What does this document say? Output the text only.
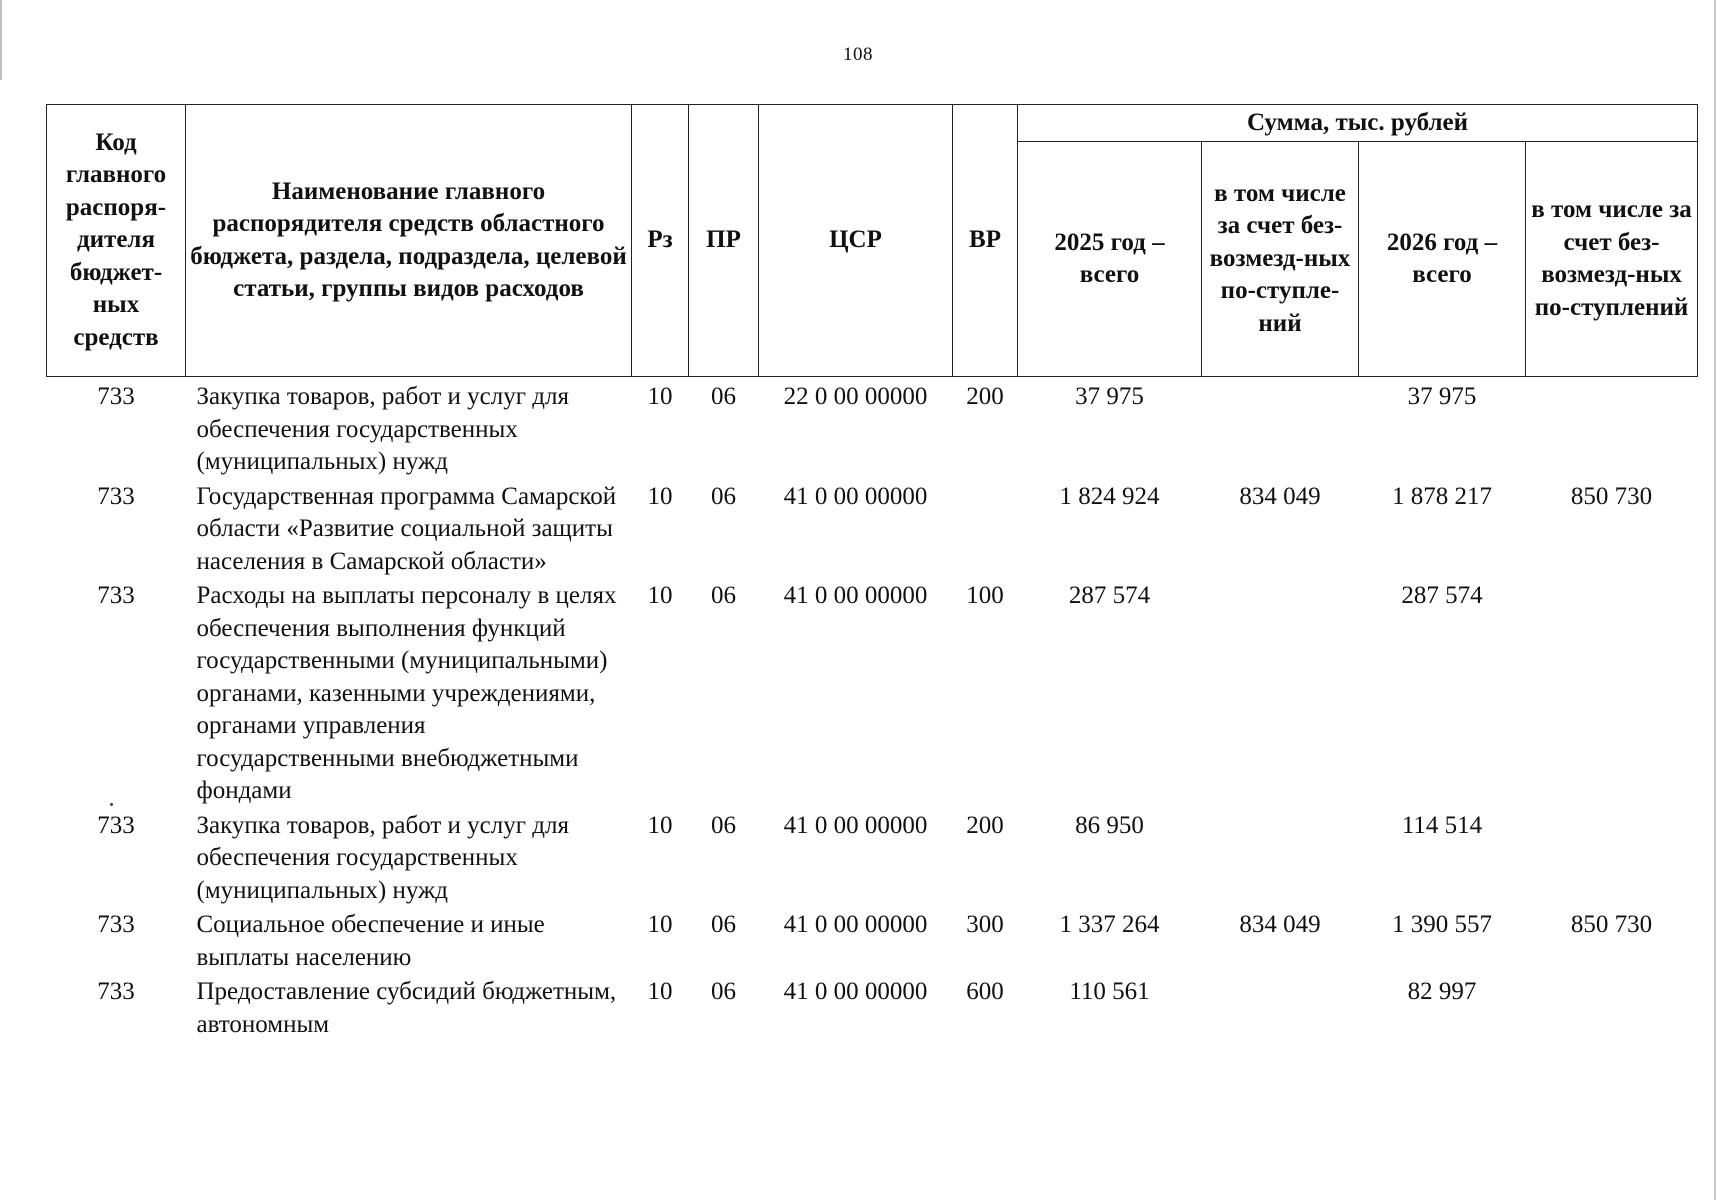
108
Код главного распоря-дителя бюджет-ных средств	Наименование главного распорядителя средств областного бюджета, раздела, подраздела, целевой статьи, группы видов расходов	Рз	ПР	ЦСР	ВР	Сумма, тыс. рублей			
						2025 год – всего	в том числе за счет без-возмезд-ных по-ступле-ний	2026 год – всего	в том числе за счет без-возмезд-ных по-ступлений
733	Закупка товаров, работ и услуг для обеспечения государственных (муниципальных) нужд	10	06	22 0 00 00000	200	37 975		37 975	
733	Государственная программа Самарской области «Развитие социальной защиты населения в Самарской области»	10	06	41 0 00 00000		1 824 924	834 049	1 878 217	850 730
733	Расходы на выплаты персоналу в целях обеспечения выполнения функций государственными (муниципальными) органами, казенными учреждениями, органами управления государственными внебюджетными фондами	10	06	41 0 00 00000	100	287 574		287 574	
733	Закупка товаров, работ и услуг для обеспечения государственных (муниципальных) нужд	10	06	41 0 00 00000	200	86 950		114 514	
733	Социальное обеспечение и иные выплаты населению	10	06	41 0 00 00000	300	1 337 264	834 049	1 390 557	850 730
733	Предоставление субсидий бюджетным, автономным	10	06	41 0 00 00000	600	110 561		82 997	
